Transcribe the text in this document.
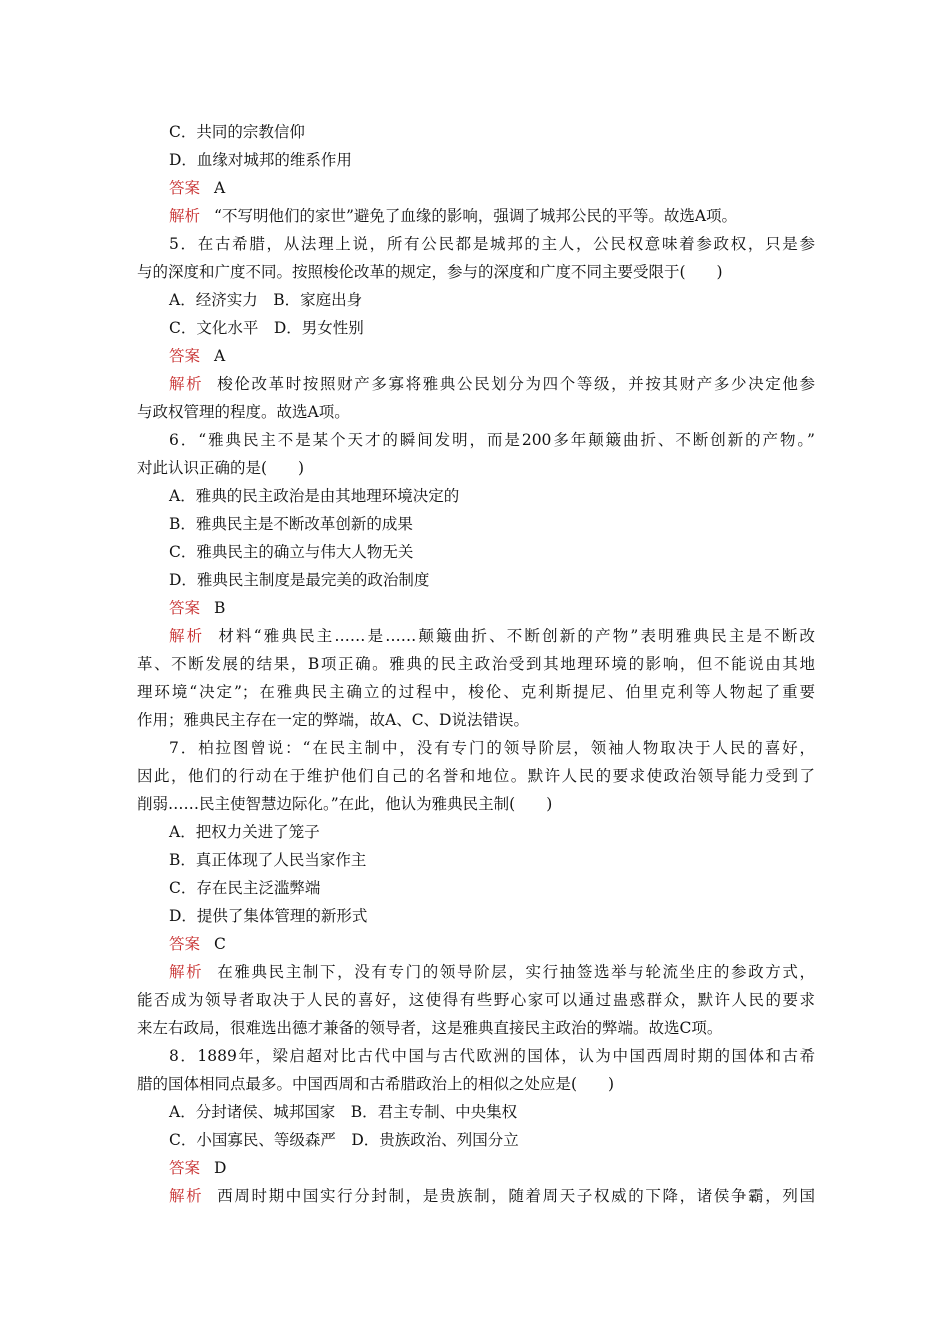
C．共同的宗教信仰
D．血缘对城邦的维系作用
答案 A
解析 “不写明他们的家世”避免了血缘的影响，强调了城邦公民的平等。故选A项。
5．在古希腊，从法理上说，所有公民都是城邦的主人，公民权意味着参政权，只是参
与的深度和广度不同。按照梭伦改革的规定，参与的深度和广度不同主要受限于(　　)
A．经济实力　B．家庭出身
C．文化水平　D．男女性别
答案 A
解析 梭伦改革时按照财产多寡将雅典公民划分为四个等级，并按其财产多少决定他参
与政权管理的程度。故选A项。
6．“雅典民主不是某个天才的瞬间发明，而是200多年颠簸曲折、不断创新的产物。”
对此认识正确的是(　　)
A．雅典的民主政治是由其地理环境决定的
B．雅典民主是不断改革创新的成果
C．雅典民主的确立与伟大人物无关
D．雅典民主制度是最完美的政治制度
答案 B
解析 材料“雅典民主……是……颠簸曲折、不断创新的产物”表明雅典民主是不断改
革、不断发展的结果，B项正确。雅典的民主政治受到其地理环境的影响，但不能说由其地
理环境“决定”；在雅典民主确立的过程中，梭伦、克利斯提尼、伯里克利等人物起了重要
作用；雅典民主存在一定的弊端，故A、C、D说法错误。
7．柏拉图曾说：“在民主制中，没有专门的领导阶层，领袖人物取决于人民的喜好，
因此，他们的行动在于维护他们自己的名誉和地位。默许人民的要求使政治领导能力受到了
削弱……民主使智慧边际化。”在此，他认为雅典民主制(　　)
A．把权力关进了笼子
B．真正体现了人民当家作主
C．存在民主泛滥弊端
D．提供了集体管理的新形式
答案 C
解析 在雅典民主制下，没有专门的领导阶层，实行抽签选举与轮流坐庄的参政方式，
能否成为领导者取决于人民的喜好，这使得有些野心家可以通过蛊惑群众，默许人民的要求
来左右政局，很难选出德才兼备的领导者，这是雅典直接民主政治的弊端。故选C项。
8．1889年，梁启超对比古代中国与古代欧洲的国体，认为中国西周时期的国体和古希
腊的国体相同点最多。中国西周和古希腊政治上的相似之处应是(　　)
A．分封诸侯、城邦国家　B．君主专制、中央集权
C．小国寡民、等级森严　D．贵族政治、列国分立
答案 D
解析 西周时期中国实行分封制，是贵族制，随着周天子权威的下降，诸侯争霸，列国
